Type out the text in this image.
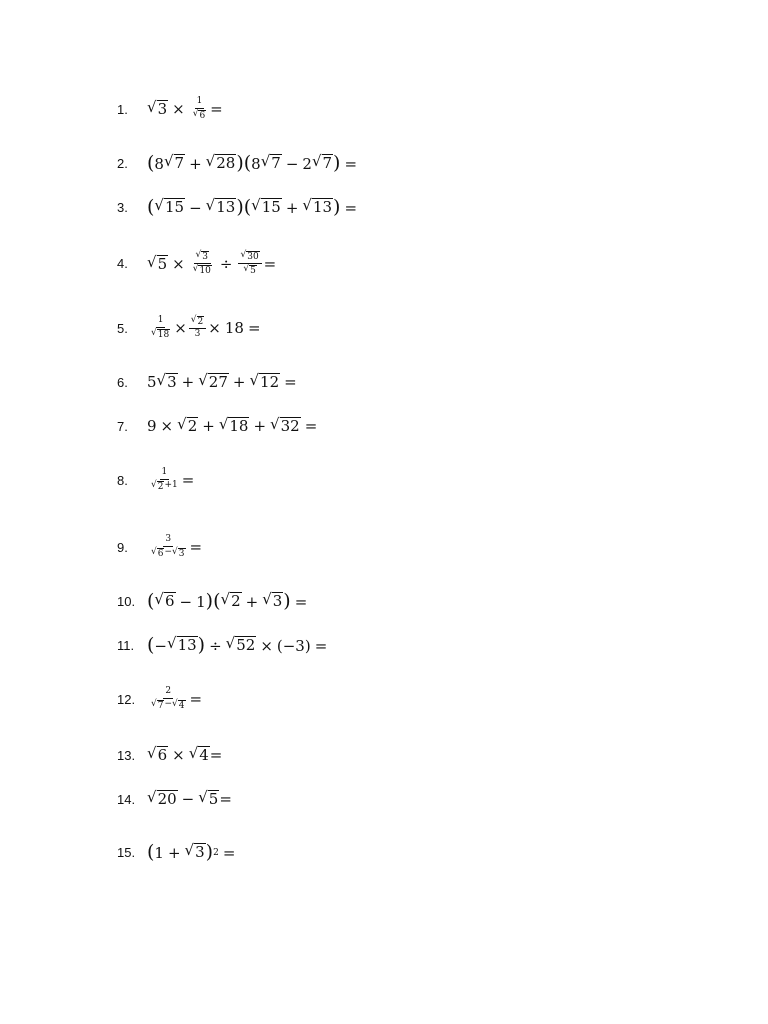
1.	√ $3 \times \frac{1}{√ 6}$ =
2.	( 8 √ 7 + √ 28 ) ( 8 √ 7 − 2 √ 7 ) =
3.	( √ 15 − √ 13 ) ( √ 15 + √ 13 ) =
4.	√ $5 \times \frac{√ 3}{√ 10} \div \frac{√ 30}{√ 5}$ =
5.	$\frac{1}{√ 18} \times \frac{√ 2}{3} \times 18$ =
6.	5 √ 3 + √ 27 + √ 12 =
7.	9 × √ 2 + √ 18 + √ 32 =
8.	$\frac{1}{√ 2 +1}$ =
9.	$\frac{3}{√ 6 - √ 3}$ =
10. ( √ 6 − 1 ) ( √ 2 + √ 3 ) =
11. ( − √ 13 ) ÷ √ 52 × (−3) =
12.	$\frac{2}{√ 7 - √ 4}$ =
13. √ 6 × √ 4 =
14. √ 20 − √ 5 =
15. ( 1 + √ 3 ) 2 =
